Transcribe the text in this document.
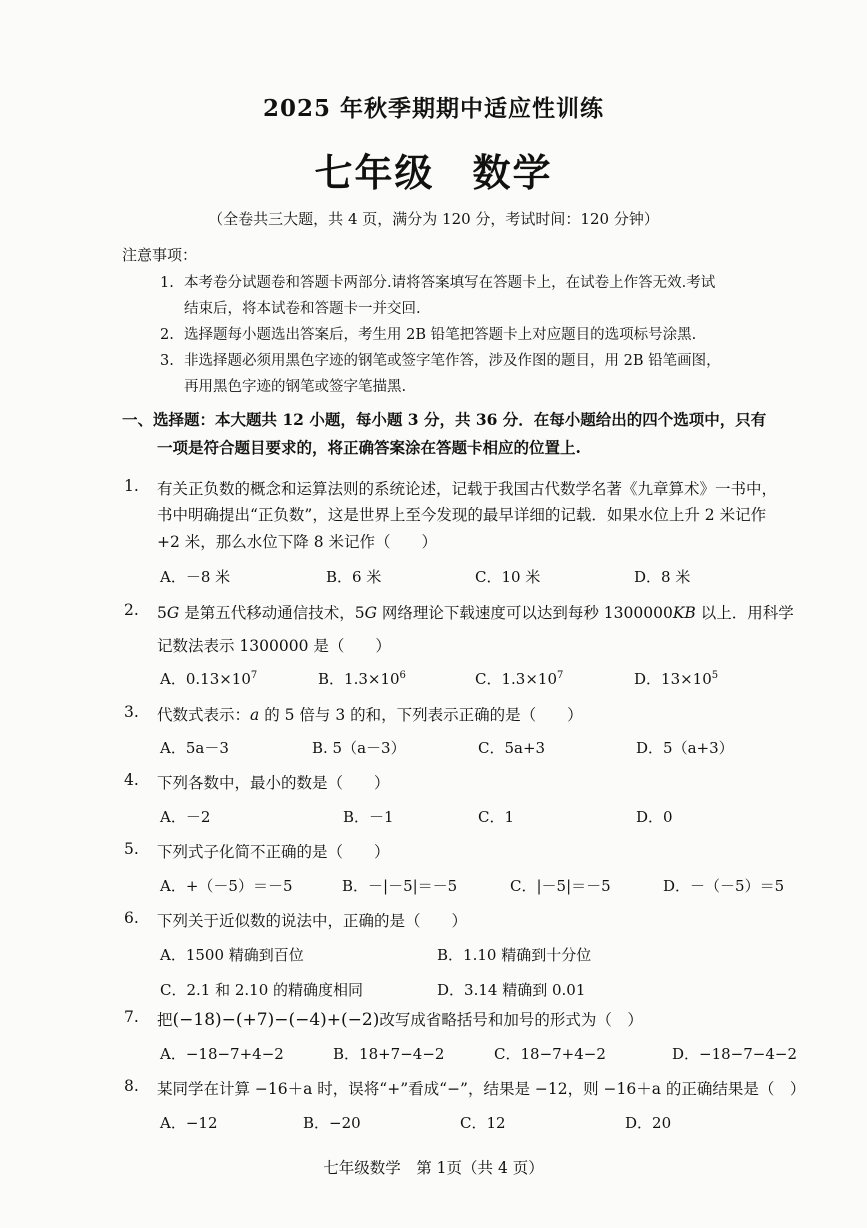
2025 年秋季期期中适应性训练
七年级 数学
（全卷共三大题，共 4 页，满分为 120 分，考试时间：120 分钟）
注意事项：
1. 本考卷分试题卷和答题卡两部分.请将答案填写在答题卡上，在试卷上作答无效.考试
结束后，将本试卷和答题卡一并交回.
2. 选择题每小题选出答案后，考生用 2B 铅笔把答题卡上对应题目的选项标号涂黑.
3. 非选择题必须用黑色字迹的钢笔或签字笔作答，涉及作图的题目，用 2B 铅笔画图，
再用黑色字迹的钢笔或签字笔描黑.
一、选择题：本大题共 12 小题，每小题 3 分，共 36 分．在每小题给出的四个选项中，只有
一项是符合题目要求的，将正确答案涂在答题卡相应的位置上.
1. 有关正负数的概念和运算法则的系统论述，记载于我国古代数学名著《九章算术》一书中，
书中明确提出“正负数”，这是世界上至今发现的最早详细的记载．如果水位上升 2 米记作
+2 米，那么水位下降 8 米记作（　　）
A．－8 米	B．6 米	C．10 米	D．8 米
2. 5G 是第五代移动通信技术，5G 网络理论下载速度可以达到每秒 1300000KB 以上．用科学
记数法表示 1300000 是（　　）
A．$0.13\times 10^7$	B．$1.3\times 10^6$	C．$1.3\times 10^7$	D．$13\times 10^5$
3. 代数式表示：a 的 5 倍与 3 的和，下列表示正确的是（　　）
A．5a－3	B. 5（a－3）	C．5a+3	D．5（a+3）
4. 下列各数中，最小的数是（　　）
A．－2	B．－1	C．1	D．0
5. 下列式子化简不正确的是（　　）
A．+（－5）＝－5	B．－|－5|＝－5	C．|－5|＝－5	D．－（－5）＝5
6. 下列关于近似数的说法中，正确的是（　　）
A．1500 精确到百位	B．1.10 精确到十分位
C．2.1 和 2.10 的精确度相同	D．3.14 精确到 0.01
7. 把(−18)−(+7)−(−4)+(−2)改写成省略括号和加号的形式为（　）
A．−18−7+4−2	B．18+7−4−2	C．18−7+4−2	D．−18−7−4−2
8. 某同学在计算 −16＋a 时，误将“+”看成“−”，结果是 −12，则 −16＋a 的正确结果是（　）
A．−12	B．−20	C．12	D．20
七年级数学　第 1页（共 4 页）
